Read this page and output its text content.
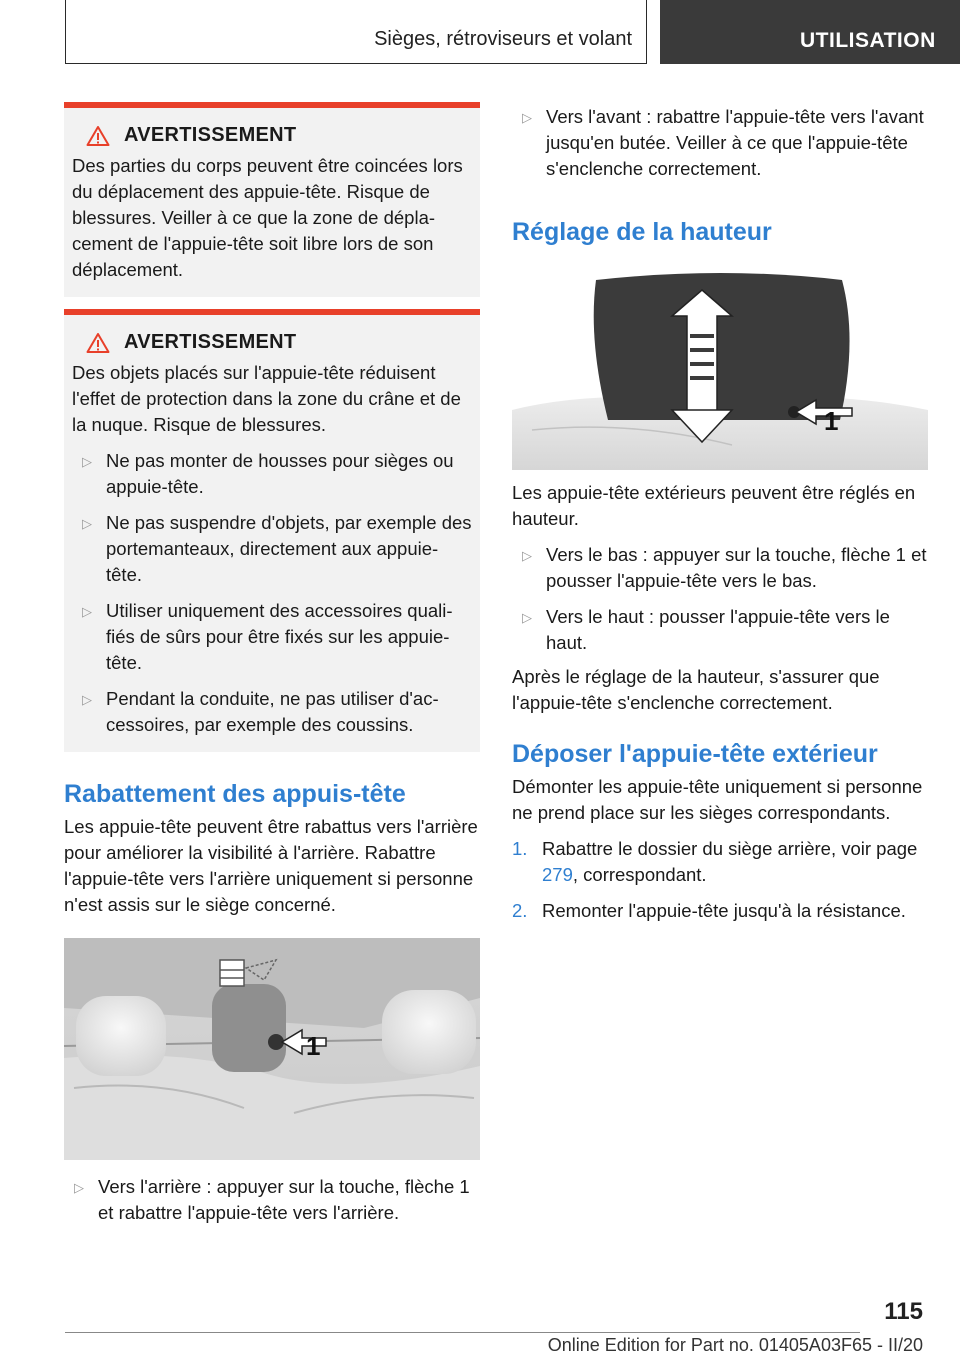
Sièges, rétroviseurs et volant	UTILISATION
AVERTISSEMENT

Des parties du corps peuvent être coincées lors du déplacement des appuie-tête. Risque de blessures. Veiller à ce que la zone de déplacement de l'appuie-tête soit libre lors de son déplacement.

AVERTISSEMENT

Des objets placés sur l'appuie-tête réduisent l'effet de protection dans la zone du crâne et de la nuque. Risque de blessures.

▷ Ne pas monter de housses pour sièges ou appuie-tête.
▷ Ne pas suspendre d'objets, par exemple des portemanteaux, directement aux appuie-tête.
▷ Utiliser uniquement des accessoires qualifiés de sûrs pour être fixés sur les appuie-tête.
▷ Pendant la conduite, ne pas utiliser d'accessoires, par exemple des coussins.
Rabattement des appuis-tête

Les appuie-tête peuvent être rabattus vers l'arrière pour améliorer la visibilité à l'arrière. Rabattre l'appuie-tête vers l'arrière uniquement si personne n'est assis sur le siège concerné.

1
▷ Vers l'arrière : appuyer sur la touche, flèche 1 et rabattre l'appuie-tête vers l'arrière.
▷ Vers l'avant : rabattre l'appuie-tête vers l'avant jusqu'en butée. Veiller à ce que l'appuie-tête s'enclenche correctement.
Réglage de la hauteur
1

Les appuie-tête extérieurs peuvent être réglés en hauteur.

▷ Vers le bas : appuyer sur la touche, flèche 1 et pousser l'appuie-tête vers le bas.
▷ Vers le haut : pousser l'appuie-tête vers le haut.

Après le réglage de la hauteur, s'assurer que l'appuie-tête s'enclenche correctement.

Déposer l'appuie-tête extérieur

Démonter les appuie-tête uniquement si personne ne prend place sur les sièges correspondants.

1. Rabattre le dossier du siège arrière, voir page 279, correspondant.
2. Remonter l'appuie-tête jusqu'à la résistance.
115
Online Edition for Part no. 01405A03F65 - II/20
